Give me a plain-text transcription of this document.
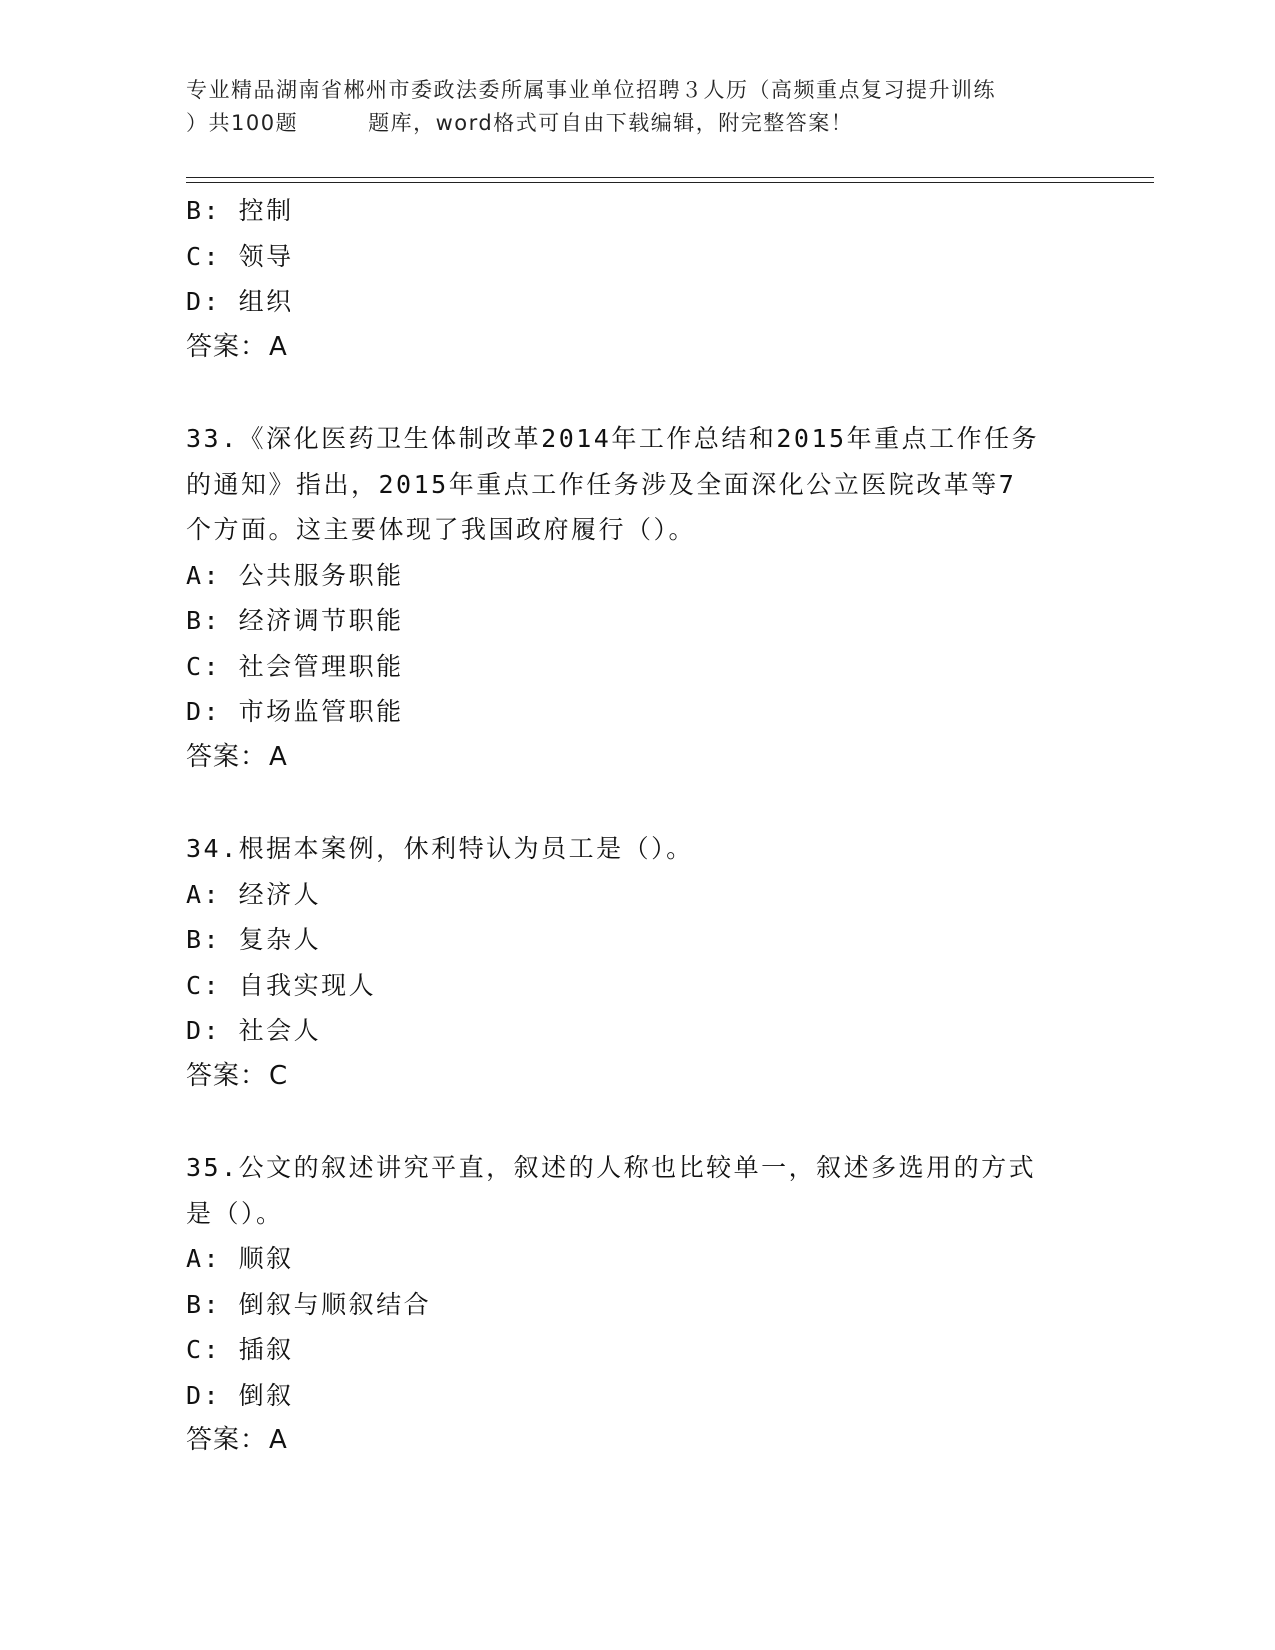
专业精品湖南省郴州市委政法委所属事业单位招聘３人历（高频重点复习提升训练
）共100题	题库，word格式可自由下载编辑，附完整答案！
B: 控制
C: 领导
D: 组织
答案：A
33.《深化医药卫生体制改革2014年工作总结和2015年重点工作任务
的通知》指出，2015年重点工作任务涉及全面深化公立医院改革等7
个方面。这主要体现了我国政府履行（）。
A: 公共服务职能
B: 经济调节职能
C: 社会管理职能
D: 市场监管职能
答案：A
34.根据本案例，休利特认为员工是（）。
A: 经济人
B: 复杂人
C: 自我实现人
D: 社会人
答案：C
35.公文的叙述讲究平直，叙述的人称也比较单一，叙述多选用的方式
是（）。
A: 顺叙
B: 倒叙与顺叙结合
C: 插叙
D: 倒叙
答案：A
